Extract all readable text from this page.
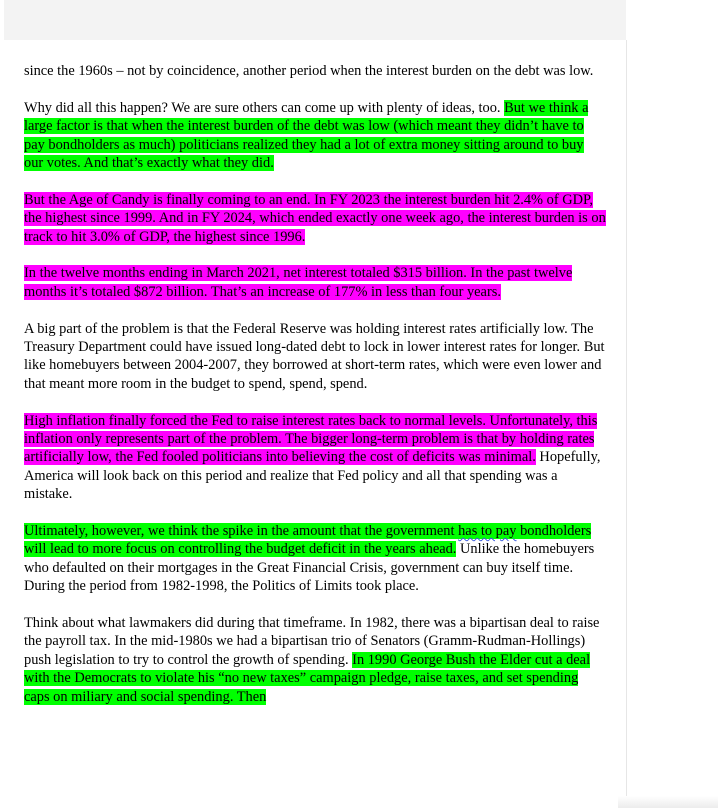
since the 1960s – not by coincidence, another period when the interest burden on the debt was low.

Why did all this happen? We are sure others can come up with plenty of ideas, too. But we think a large factor is that when the interest burden of the debt was low (which meant they didn’t have to pay bondholders as much) politicians realized they had a lot of extra money sitting around to buy our votes. And that’s exactly what they did.

But the Age of Candy is finally coming to an end. In FY 2023 the interest burden hit 2.4% of GDP, the highest since 1999. And in FY 2024, which ended exactly one week ago, the interest burden is on track to hit 3.0% of GDP, the highest since 1996.

In the twelve months ending in March 2021, net interest totaled $315 billion. In the past twelve months it’s totaled $872 billion. That’s an increase of 177% in less than four years.

A big part of the problem is that the Federal Reserve was holding interest rates artificially low. The Treasury Department could have issued long-dated debt to lock in lower interest rates for longer. But like homebuyers between 2004-2007, they borrowed at short-term rates, which were even lower and that meant more room in the budget to spend, spend, spend.

High inflation finally forced the Fed to raise interest rates back to normal levels. Unfortunately, this inflation only represents part of the problem. The bigger long-term problem is that by holding rates artificially low, the Fed fooled politicians into believing the cost of deficits was minimal. Hopefully, America will look back on this period and realize that Fed policy and all that spending was a mistake.

Ultimately, however, we think the spike in the amount that the government has to pay bondholders will lead to more focus on controlling the budget deficit in the years ahead. Unlike the homebuyers who defaulted on their mortgages in the Great Financial Crisis, government can buy itself time. During the period from 1982-1998, the Politics of Limits took place.

Think about what lawmakers did during that timeframe. In 1982, there was a bipartisan deal to raise the payroll tax. In the mid-1980s we had a bipartisan trio of Senators (Gramm-Rudman-Hollings) push legislation to try to control the growth of spending. In 1990 George Bush the Elder cut a deal with the Democrats to violate his “no new taxes” campaign pledge, raise taxes, and set spending caps on miliary and social spending. Then
